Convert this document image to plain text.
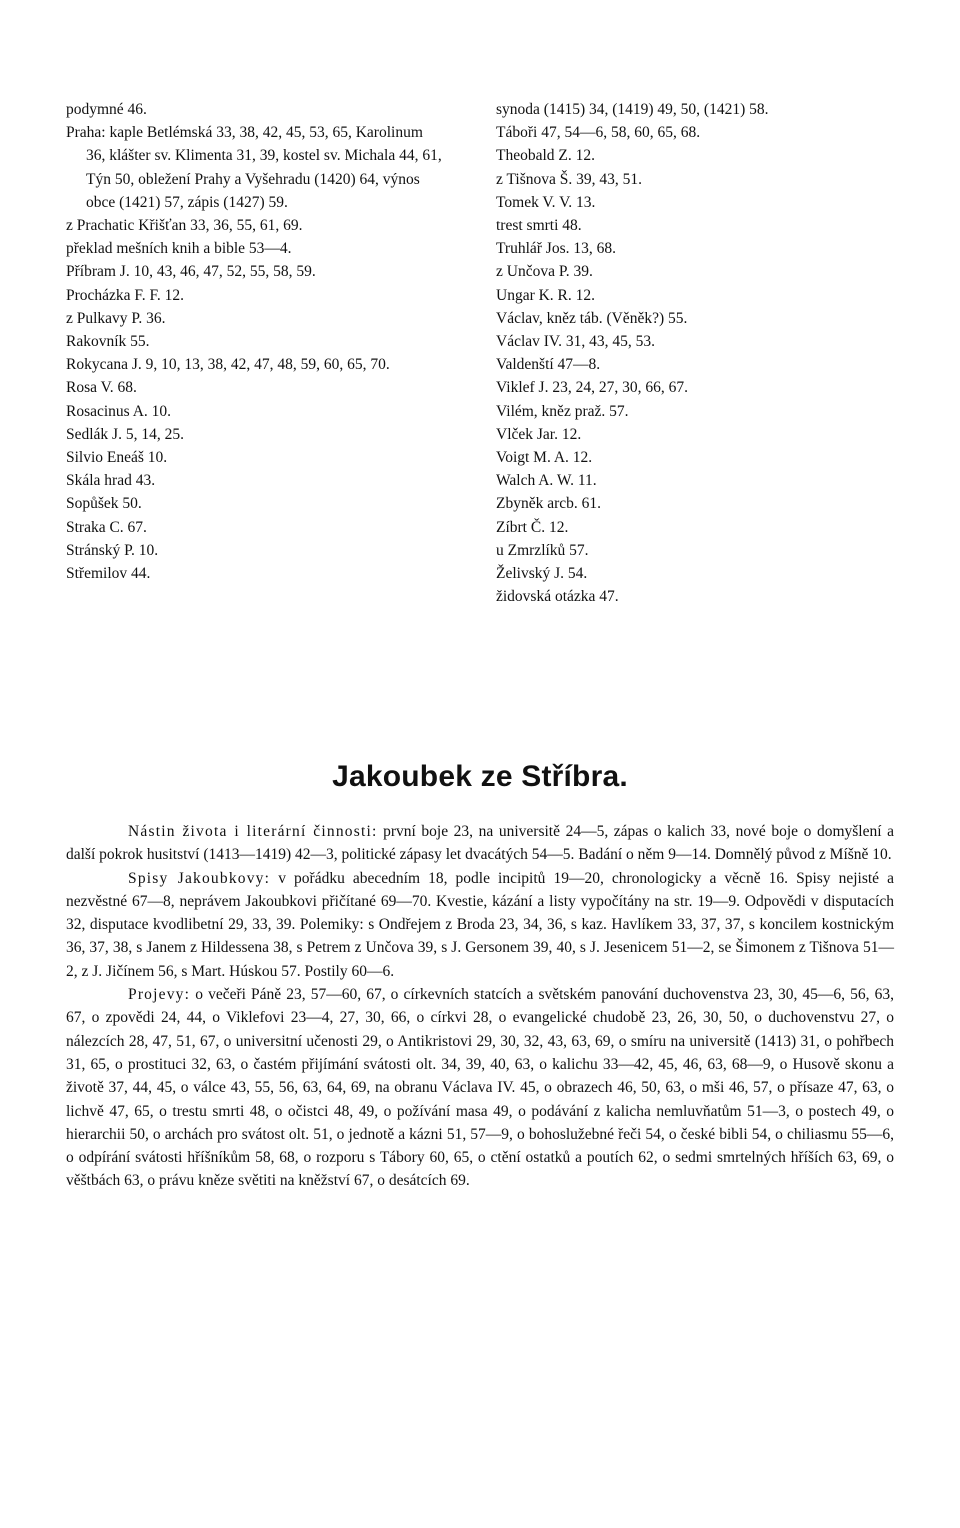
podymné 46.

Praha: kaple Betlémská 33, 38, 42, 45, 53, 65, Karolinum 36, klášter sv. Klimenta 31, 39, kostel sv. Michala 44, 61, Týn 50, obležení Prahy a Vyšehradu (1420) 64, výnos obce (1421) 57, zápis (1427) 59.

z Prachatic Křišťan 33, 36, 55, 61, 69.

překlad mešních knih a bible 53—4.

Příbram J. 10, 43, 46, 47, 52, 55, 58, 59.

Procházka F. F. 12.

z Pulkavy P. 36.

Rakovník 55.

Rokycana J. 9, 10, 13, 38, 42, 47, 48, 59, 60, 65, 70.

Rosa V. 68.

Rosacinus A. 10.

Sedlák J. 5, 14, 25.

Silvio Eneáš 10.

Skála hrad 43.

Sopůšek 50.

Straka C. 67.

Stránský P. 10.

Střemilov 44.

synoda (1415) 34, (1419) 49, 50, (1421) 58.

Táboři 47, 54—6, 58, 60, 65, 68.

Theobald Z. 12.

z Tišnova Š. 39, 43, 51.

Tomek V. V. 13.

trest smrti 48.

Truhlář Jos. 13, 68.

z Unčova P. 39.

Ungar K. R. 12.

Václav, kněz táb. (Věněk?) 55.

Václav IV. 31, 43, 45, 53.

Valdenští 47—8.

Viklef J. 23, 24, 27, 30, 66, 67.

Vilém, kněz praž. 57.

Vlček Jar. 12.

Voigt M. A. 12.

Walch A. W. 11.

Zbyněk arcb. 61.

Zíbrt Č. 12.

u Zmrzlíků 57.

Želivský J. 54.

židovská otázka 47.

Jakoubek ze Stříbra.

Nástin života i literární činnosti: první boje 23, na universitě 24—5, zápas o kalich 33, nové boje o domyšlení a další pokrok husitství (1413—1419) 42—3, politické zápasy let dvacátých 54—5. Badání o něm 9—14. Domnělý původ z Míšně 10.

Spisy Jakoubkovy: v pořádku abecedním 18, podle incipitů 19—20, chronologicky a věcně 16. Spisy nejisté a nezvěstné 67—8, neprávem Jakoubkovi přičítané 69—70. Kvestie, kázání a listy vypočítány na str. 19—9. Odpovědi v disputacích 32, disputace kvodlibetní 29, 33, 39. Polemiky: s Ondřejem z Broda 23, 34, 36, s kaz. Havlíkem 33, 37, 37, s koncilem kostnickým 36, 37, 38, s Janem z Hildessena 38, s Petrem z Unčova 39, s J. Gersonem 39, 40, s J. Jesenicem 51—2, se Šimonem z Tišnova 51—2, z J. Jičínem 56, s Mart. Húskou 57. Postily 60—6.

Projevy: o večeři Páně 23, 57—60, 67, o církevních statcích a světském panování duchovenstva 23, 30, 45—6, 56, 63, 67, o zpovědi 24, 44, o Viklefovi 23—4, 27, 30, 66, o církvi 28, o evangelické chudobě 23, 26, 30, 50, o duchovenstvu 27, o nálezcích 28, 47, 51, 67, o universitní učenosti 29, o Antikristovi 29, 30, 32, 43, 63, 69, o smíru na universitě (1413) 31, o pohřbech 31, 65, o prostituci 32, 63, o častém přijímání svátosti olt. 34, 39, 40, 63, o kalichu 33—42, 45, 46, 63, 68—9, o Husově skonu a životě 37, 44, 45, o válce 43, 55, 56, 63, 64, 69, na obranu Václava IV. 45, o obrazech 46, 50, 63, o mši 46, 57, o přísaze 47, 63, o lichvě 47, 65, o trestu smrti 48, o očistci 48, 49, o požívání masa 49, o podávání z kalicha nemluvňatům 51—3, o postech 49, o hierarchii 50, o archách pro svátost olt. 51, o jednotě a kázni 51, 57—9, o bohoslužebné řeči 54, o české bibli 54, o chiliasmu 55—6, o odpírání svátosti hříšníkům 58, 68, o rozporu s Tábory 60, 65, o ctění ostatků a poutích 62, o sedmi smrtelných hříších 63, 69, o věštbách 63, o právu kněze světiti na kněžství 67, o desátcích 69.
